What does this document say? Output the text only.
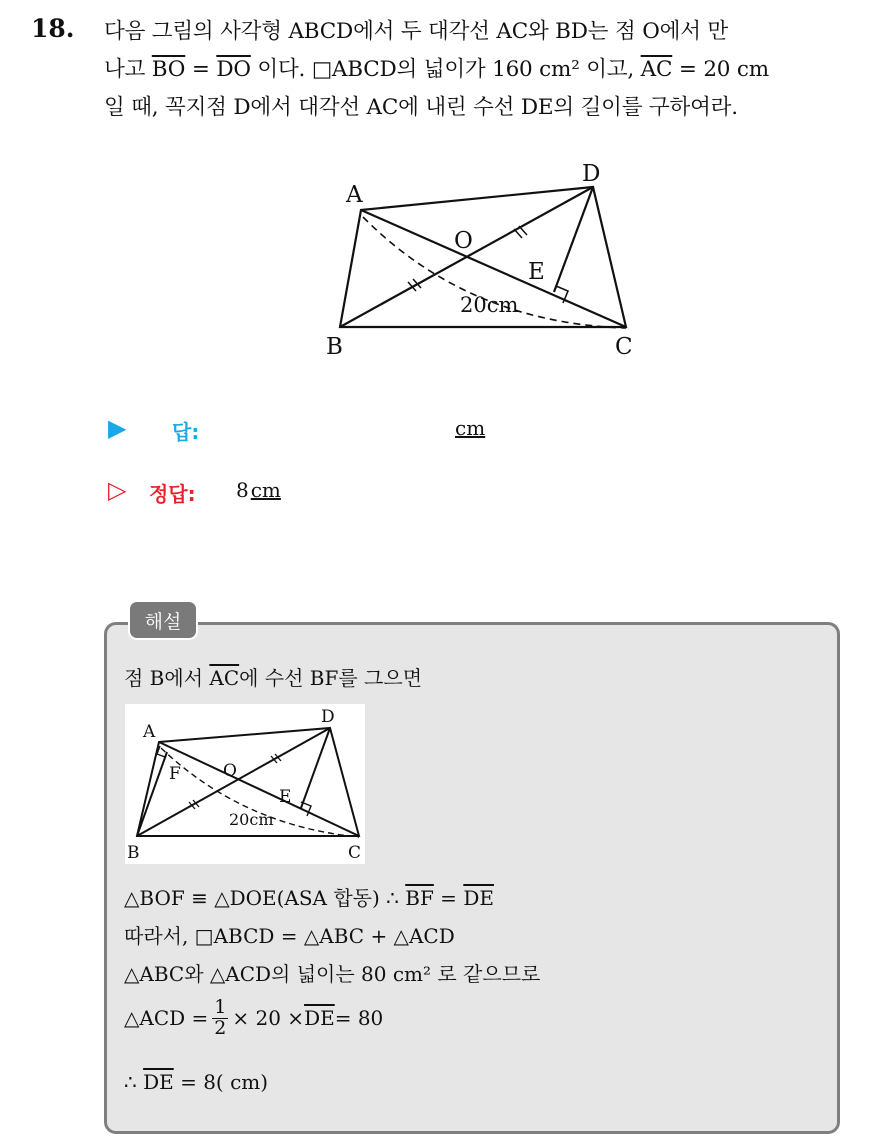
18. 다음 그림의 사각형 ABCD에서 두 대각선 AC와 BD는 점 O에서 만
나고 $\overline{BO} = \overline{DO}$ 이다. □ABCD의 넓이가 160 cm² 이고, $\overline{AC} = 20$ cm
일 때, 꼭지점 D에서 대각선 AC에 내린 수선 DE의 길이를 구하여라.
A
D
B	C
O
E
20cm
▶ 답:	cm
▷ 정답: 8 cm
해설
점 B에서 $\overline{AC}$에 수선 BF를 그으면
A
D
B	C
O
E
F
20cm
△BOF ≡ △DOE(ASA 합동) ∴ $\overline{BF} = \overline{DE}$
따라서, □ABCD = △ABC + △ACD
△ABC와 △ACD의 넓이는 80 cm² 로 같으므로
△ACD = $\frac{1}{2} \times 20 \times \overline{DE} = 80$
∴ $\overline{DE} = 8$( cm)
